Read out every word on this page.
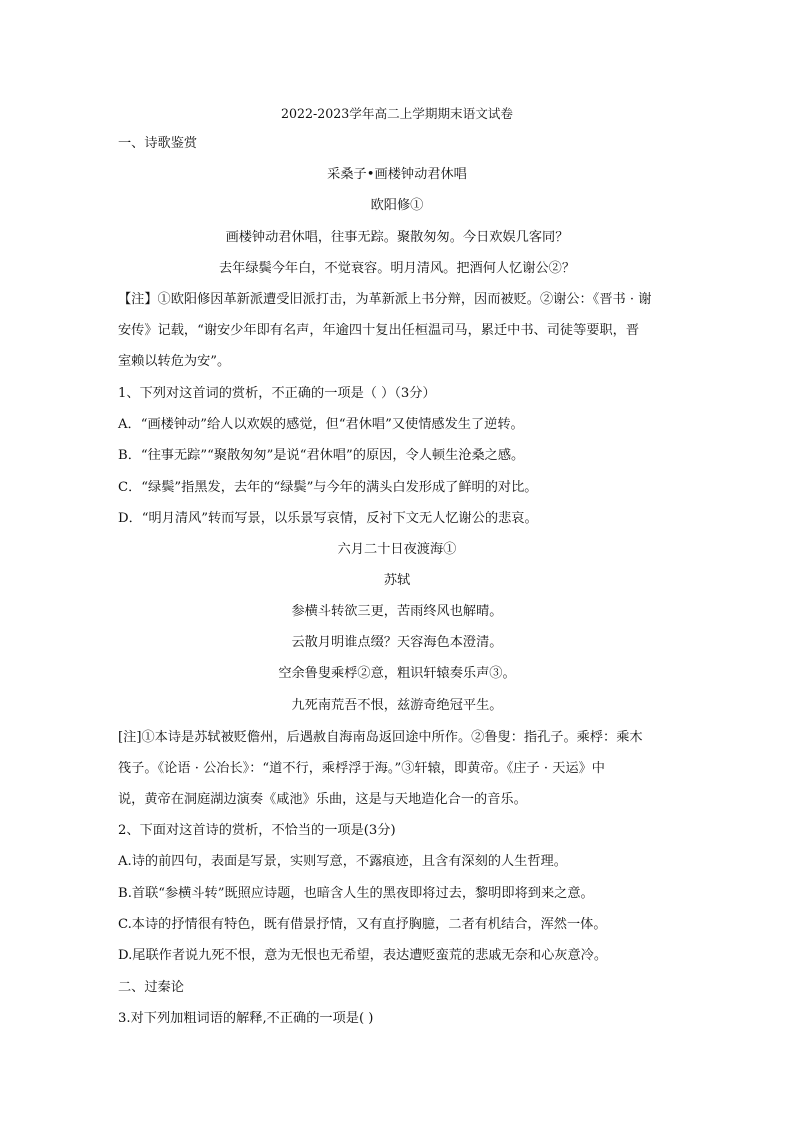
2022-2023学年高二上学期期末语文试卷
一、诗歌鉴赏
采桑子•画楼钟动君休唱
欧阳修①
画楼钟动君休唱，往事无踪。聚散匆匆。今日欢娱几客同？
去年绿鬓今年白，不觉衰容。明月清风。把酒何人忆谢公②？
【注】①欧阳修因革新派遭受旧派打击，为革新派上书分辩，因而被贬。②谢公：《晋书 · 谢
安传》记载，“谢安少年即有名声，年逾四十复出任桓温司马，累迁中书、司徒等要职，晋
室赖以转危为安”。
1、下列对这首词的赏析，不正确的一项是（ ）（3分）
A．“画楼钟动”给人以欢娱的感觉，但“君休唱”又使情感发生了逆转。
B．“往事无踪”“聚散匆匆”是说“君休唱”的原因，令人顿生沧桑之感。
C．“绿鬓”指黑发，去年的“绿鬓”与今年的满头白发形成了鲜明的对比。
D．“明月清风”转而写景，以乐景写哀情，反衬下文无人忆谢公的悲哀。
六月二十日夜渡海①
苏轼
参横斗转欲三更，苦雨终风也解晴。
云散月明谁点缀？天容海色本澄清。
空余鲁叟乘桴②意，粗识轩辕奏乐声③。
九死南荒吾不恨，兹游奇绝冠平生。
[注]①本诗是苏轼被贬儋州，后遇赦自海南岛返回途中所作。②鲁叟：指孔子。乘桴：乘木
筏子。《论语 · 公冶长》：“道不行，乘桴浮于海。”③轩辕，即黄帝。《庄子 · 天运》中
说，黄帝在洞庭湖边演奏《咸池》乐曲，这是与天地造化合一的音乐。
2、下面对这首诗的赏析，不恰当的一项是(3分)
A.诗的前四句，表面是写景，实则写意，不露痕迹，且含有深刻的人生哲理。
B.首联“参横斗转”既照应诗题，也暗含人生的黑夜即将过去，黎明即将到来之意。
C.本诗的抒情很有特色，既有借景抒情，又有直抒胸臆，二者有机结合，浑然一体。
D.尾联作者说九死不恨，意为无恨也无希望，表达遭贬蛮荒的悲戚无奈和心灰意冷。
二、过秦论
3.对下列加粗词语的解释,不正确的一项是( )
